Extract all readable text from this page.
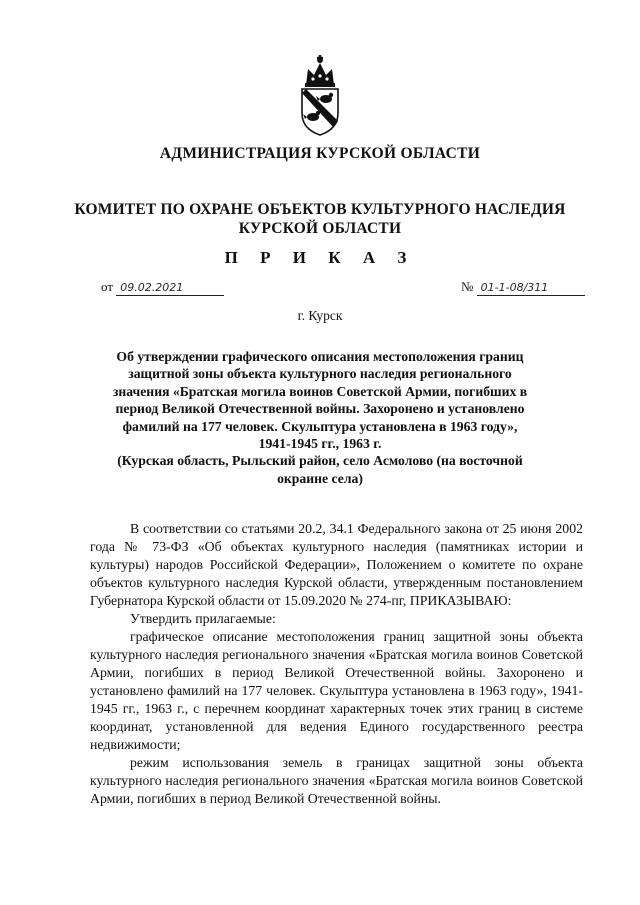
АДМИНИСТРАЦИЯ КУРСКОЙ ОБЛАСТИ
КОМИТЕТ ПО ОХРАНЕ ОБЪЕКТОВ КУЛЬТУРНОГО НАСЛЕДИЯ
КУРСКОЙ ОБЛАСТИ
П Р И К А З
от 09.02.2021	№ 01-1-08/311
г. Курск
Об утверждении графического описания местоположения границ
защитной зоны объекта культурного наследия регионального
значения «Братская могила воинов Советской Армии, погибших в
период Великой Отечественной войны. Захоронено и установлено
фамилий на 177 человек. Скульптура установлена в 1963 году»,
1941-1945 гг., 1963 г.
(Курская область, Рыльский район, село Асмолово (на восточной
окраине села)

В соответствии со статьями 20.2, 34.1 Федерального закона от 25 июня 2002 года № 73-ФЗ «Об объектах культурного наследия (памятниках истории и культуры) народов Российской Федерации», Положением о комитете по охране объектов культурного наследия Курской области, утвержденным постановлением Губернатора Курской области от 15.09.2020 № 274-пг, ПРИКАЗЫВАЮ:

Утвердить прилагаемые:

графическое описание местоположения границ защитной зоны объекта культурного наследия регионального значения «Братская могила воинов Советской Армии, погибших в период Великой Отечественной войны. Захоронено и установлено фамилий на 177 человек. Скульптура установлена в 1963 году», 1941-1945 гг., 1963 г., с перечнем координат характерных точек этих границ в системе координат, установленной для ведения Единого государственного реестра недвижимости;

режим использования земель в границах защитной зоны объекта культурного наследия регионального значения «Братская могила воинов Советской Армии, погибших в период Великой Отечественной войны.
